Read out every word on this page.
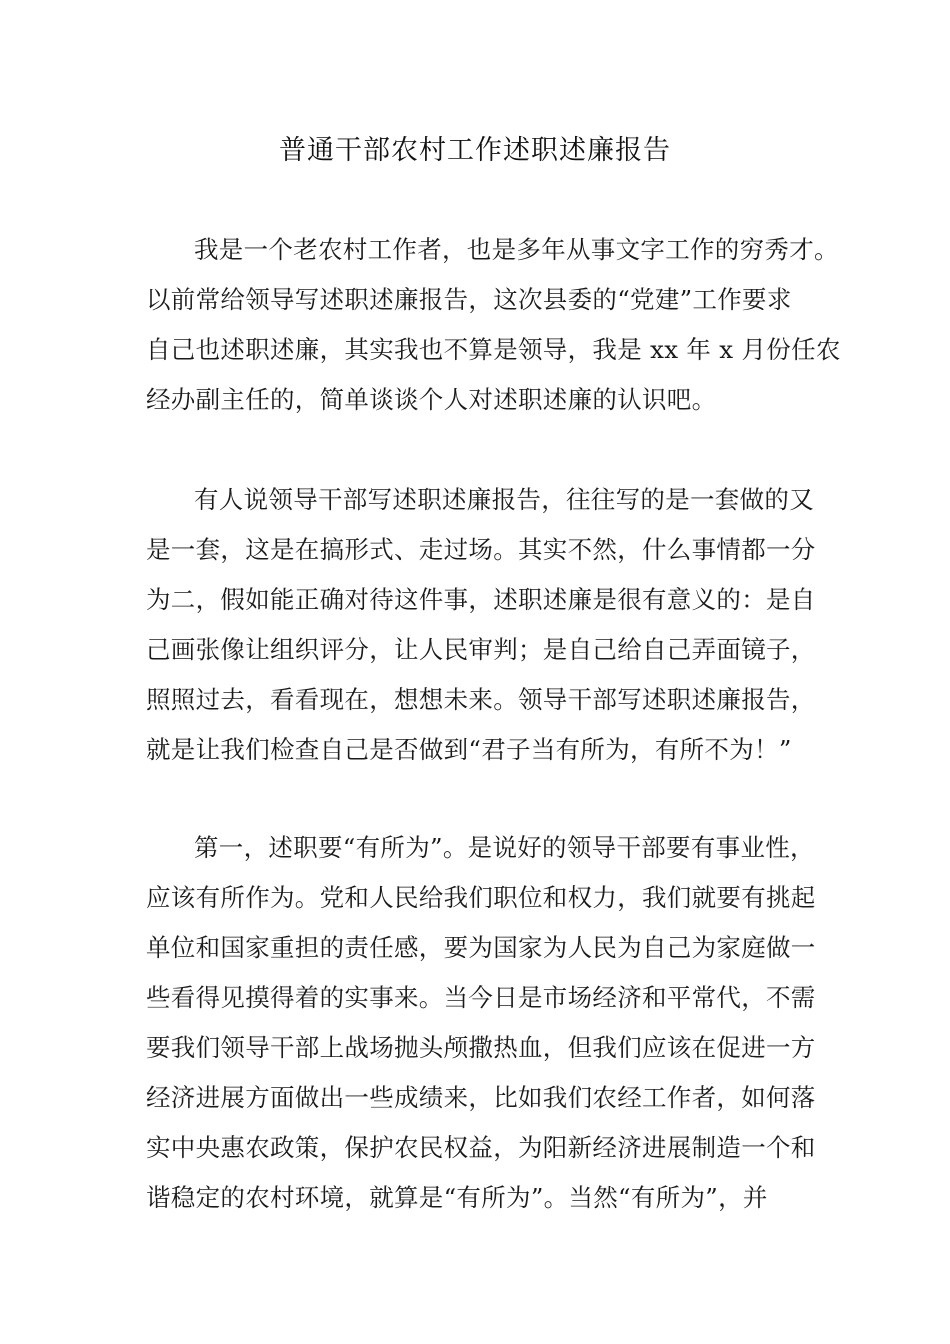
普通干部农村工作述职述廉报告
我是一个老农村工作者，也是多年从事文字工作的穷秀才。
以前常给领导写述职述廉报告，这次县委的“党建”工作要求
自己也述职述廉，其实我也不算是领导，我是 xx 年 x 月份任农
经办副主任的，简单谈谈个人对述职述廉的认识吧。
有人说领导干部写述职述廉报告，往往写的是一套做的又
是一套，这是在搞形式、走过场。其实不然，什么事情都一分
为二，假如能正确对待这件事，述职述廉是很有意义的：是自
己画张像让组织评分，让人民审判；是自己给自己弄面镜子，
照照过去，看看现在，想想未来。领导干部写述职述廉报告，
就是让我们检查自己是否做到“君子当有所为，有所不为！”
第一，述职要“有所为”。是说好的领导干部要有事业性，
应该有所作为。党和人民给我们职位和权力，我们就要有挑起
单位和国家重担的责任感，要为国家为人民为自己为家庭做一
些看得见摸得着的实事来。当今日是市场经济和平常代，不需
要我们领导干部上战场抛头颅撒热血，但我们应该在促进一方
经济进展方面做出一些成绩来，比如我们农经工作者，如何落
实中央惠农政策，保护农民权益，为阳新经济进展制造一个和
谐稳定的农村环境，就算是“有所为”。当然“有所为”，并
